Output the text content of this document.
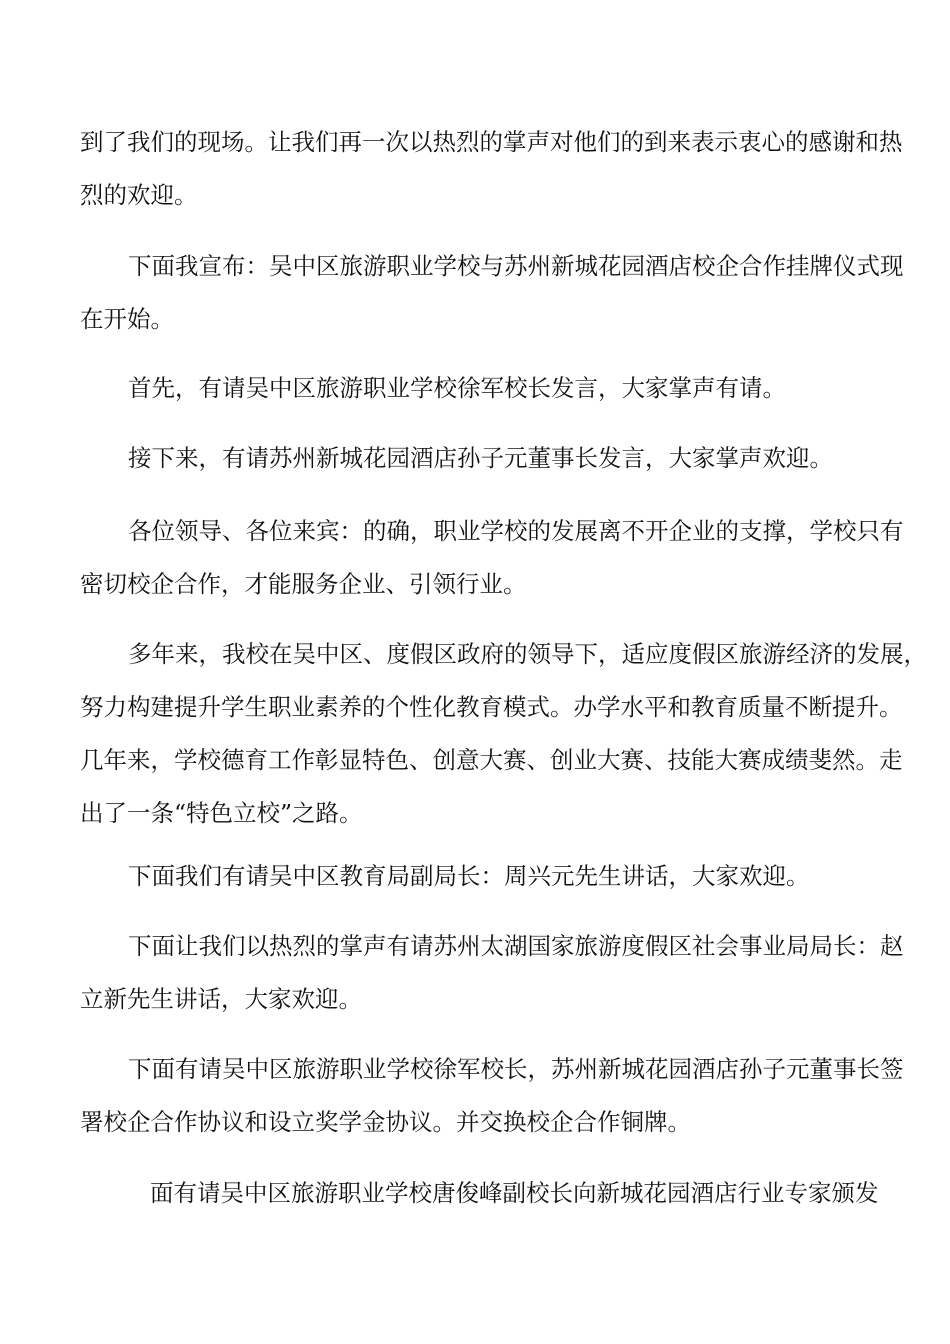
到了我们的现场。让我们再一次以热烈的掌声对他们的到来表示衷心的感谢和热
烈的欢迎。

下面我宣布：吴中区旅游职业学校与苏州新城花园酒店校企合作挂牌仪式现
在开始。

首先，有请吴中区旅游职业学校徐军校长发言，大家掌声有请。

接下来，有请苏州新城花园酒店孙子元董事长发言，大家掌声欢迎。

各位领导、各位来宾：的确，职业学校的发展离不开企业的支撑，学校只有
密切校企合作，才能服务企业、引领行业。

多年来，我校在吴中区、度假区政府的领导下，适应度假区旅游经济的发展，
努力构建提升学生职业素养的个性化教育模式。办学水平和教育质量不断提升。
几年来，学校德育工作彰显特色、创意大赛、创业大赛、技能大赛成绩斐然。走
出了一条“特色立校”之路。

下面我们有请吴中区教育局副局长：周兴元先生讲话，大家欢迎。

下面让我们以热烈的掌声有请苏州太湖国家旅游度假区社会事业局局长：赵
立新先生讲话，大家欢迎。

下面有请吴中区旅游职业学校徐军校长，苏州新城花园酒店孙子元董事长签
署校企合作协议和设立奖学金协议。并交换校企合作铜牌。

面有请吴中区旅游职业学校唐俊峰副校长向新城花园酒店行业专家颁发
